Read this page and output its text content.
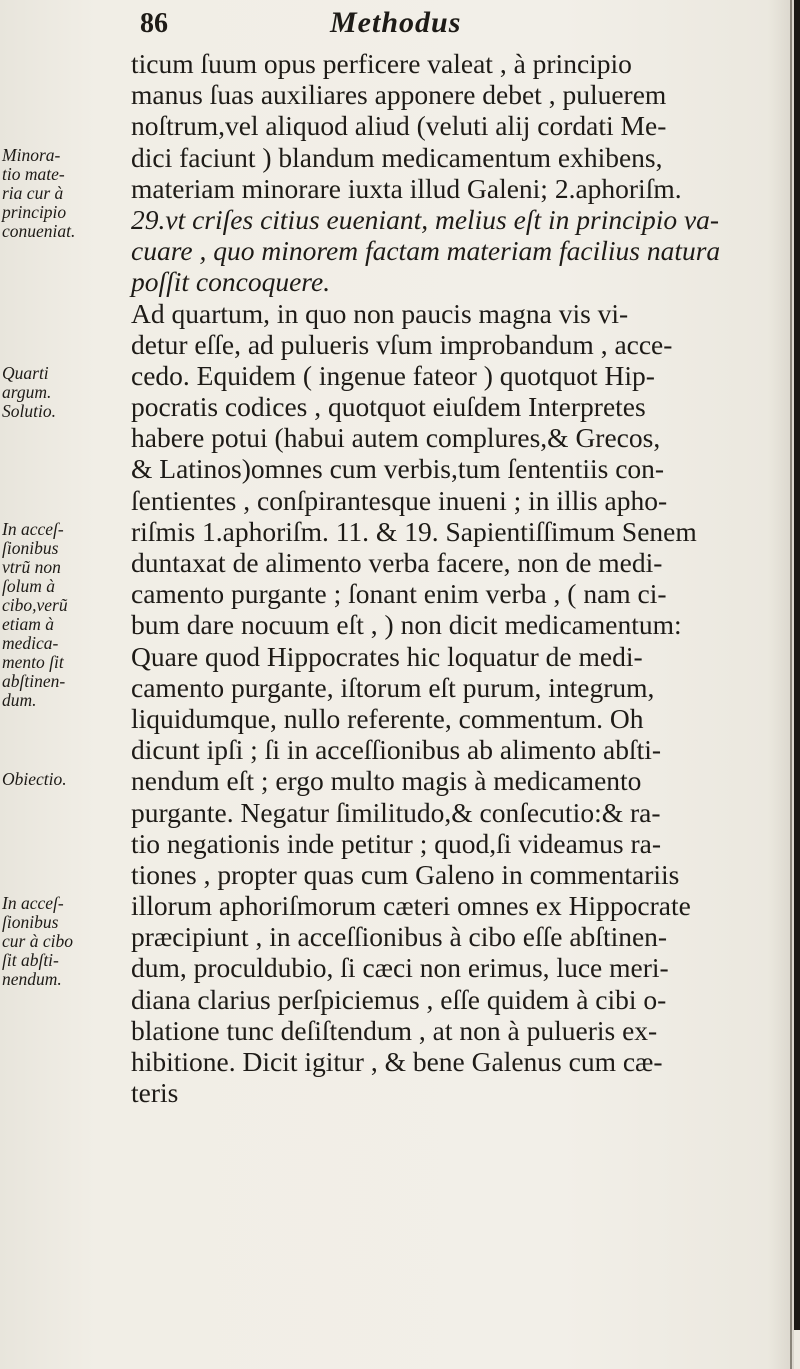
86	Methodus
Minora-
tio mate-
ria cur à
principio
conueniat.
Quarti
argum.
Solutio.
In acceſ-
ſionibus
vtrũ non
ſolum à
cibo,verũ
etiam à
medica-
mento ſit
abſtinen-
dum.
Obiectio.
In acceſ-
ſionibus
cur à cibo
ſit abſti-
nendum.
ticum ſuum opus perficere valeat , à principio
manus ſuas auxiliares apponere debet , puluerem
noſtrum,vel aliquod aliud (veluti alij cordati Me-
dici faciunt ) blandum medicamentum exhibens,
materiam minorare iuxta illud Galeni; 2.aphoriſm.
29.vt criſes citius eueniant, melius eſt in principio va-
cuare , quo minorem factam materiam facilius natura
poſſit concoquere.
Ad quartum, in quo non paucis magna vis vi-
detur eſſe, ad pulueris vſum improbandum , acce-
cedo. Equidem ( ingenue fateor ) quotquot Hip-
pocratis codices , quotquot eiuſdem Interpretes
habere potui (habui autem complures,& Grecos,
& Latinos)omnes cum verbis,tum ſententiis con-
ſentientes , conſpirantesque inueni ; in illis apho-
riſmis 1.aphoriſm. 11. & 19. Sapientiſſimum Senem
duntaxat de alimento verba facere, non de medi-
camento purgante ; ſonant enim verba , ( nam ci-
bum dare nocuum eſt , ) non dicit medicamentum:
Quare quod Hippocrates hic loquatur de medi-
camento purgante, iſtorum eſt purum, integrum,
liquidumque, nullo referente, commentum. Oh
dicunt ipſi ; ſi in acceſſionibus ab alimento abſti-
nendum eſt ; ergo multo magis à medicamento
purgante. Negatur ſimilitudo,& conſecutio:& ra-
tio negationis inde petitur ; quod,ſi videamus ra-
tiones , propter quas cum Galeno in commentariis
illorum aphoriſmorum cæteri omnes ex Hippocrate
præcipiunt , in acceſſionibus à cibo eſſe abſtinen-
dum, proculdubio, ſi cæci non erimus, luce meri-
diana clarius perſpiciemus , eſſe quidem à cibi o-
blatione tunc deſiſtendum , at non à pulueris ex-
hibitione. Dicit igitur , & bene Galenus cum cæ-
teris
